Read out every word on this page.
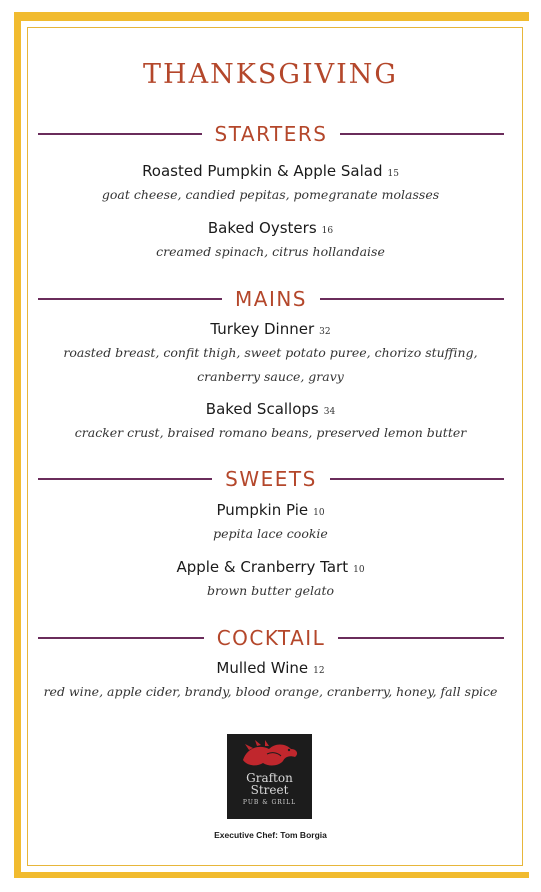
thanksgiving
STARTERS
Roasted Pumpkin & Apple Salad 15
goat cheese, candied pepitas, pomegranate molasses
Baked Oysters 16
creamed spinach, citrus hollandaise
MAINS
Turkey Dinner 32
roasted breast, confit thigh, sweet potato puree, chorizo stuffing,
cranberry sauce, gravy
Baked Scallops 34
cracker crust, braised romano beans, preserved lemon butter
SWEETS
Pumpkin Pie 10
pepita lace cookie
Apple & Cranberry Tart 10
brown butter gelato
COCKTAIL
Mulled Wine 12
red wine, apple cider, brandy, blood orange, cranberry, honey, fall spice
Grafton
Street
PUB & GRILL
Executive Chef: Tom Borgia
